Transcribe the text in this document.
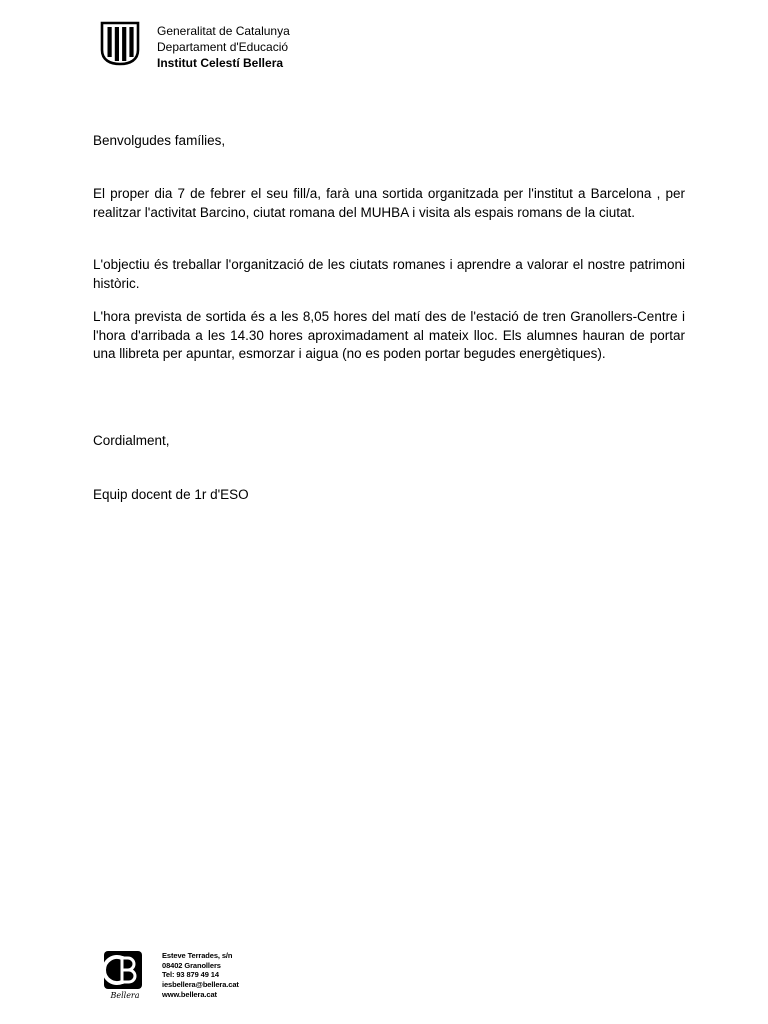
Generalitat de Catalunya
Departament d'Educació
Institut Celestí Bellera

Benvolgudes famílies,

El proper dia 7 de febrer el seu fill/a, farà una sortida organitzada per l'institut a Barcelona , per realitzar l'activitat Barcino, ciutat romana del MUHBA i visita als espais romans de la ciutat.

L'objectiu és treballar l'organització de les ciutats romanes i aprendre a valorar el nostre patrimoni històric.

L'hora prevista de sortida és a les 8,05 hores del matí des de l'estació de tren Granollers-Centre i l'hora d'arribada a les 14.30 hores aproximadament al mateix lloc. Els alumnes hauran de portar una llibreta per apuntar, esmorzar i aigua (no es poden portar begudes energètiques).

Cordialment,

Equip docent de 1r d'ESO

Bellera
Esteve Terrades, s/n
08402 Granollers
Tel: 93 879 49 14
iesbellera@bellera.cat
www.bellera.cat
